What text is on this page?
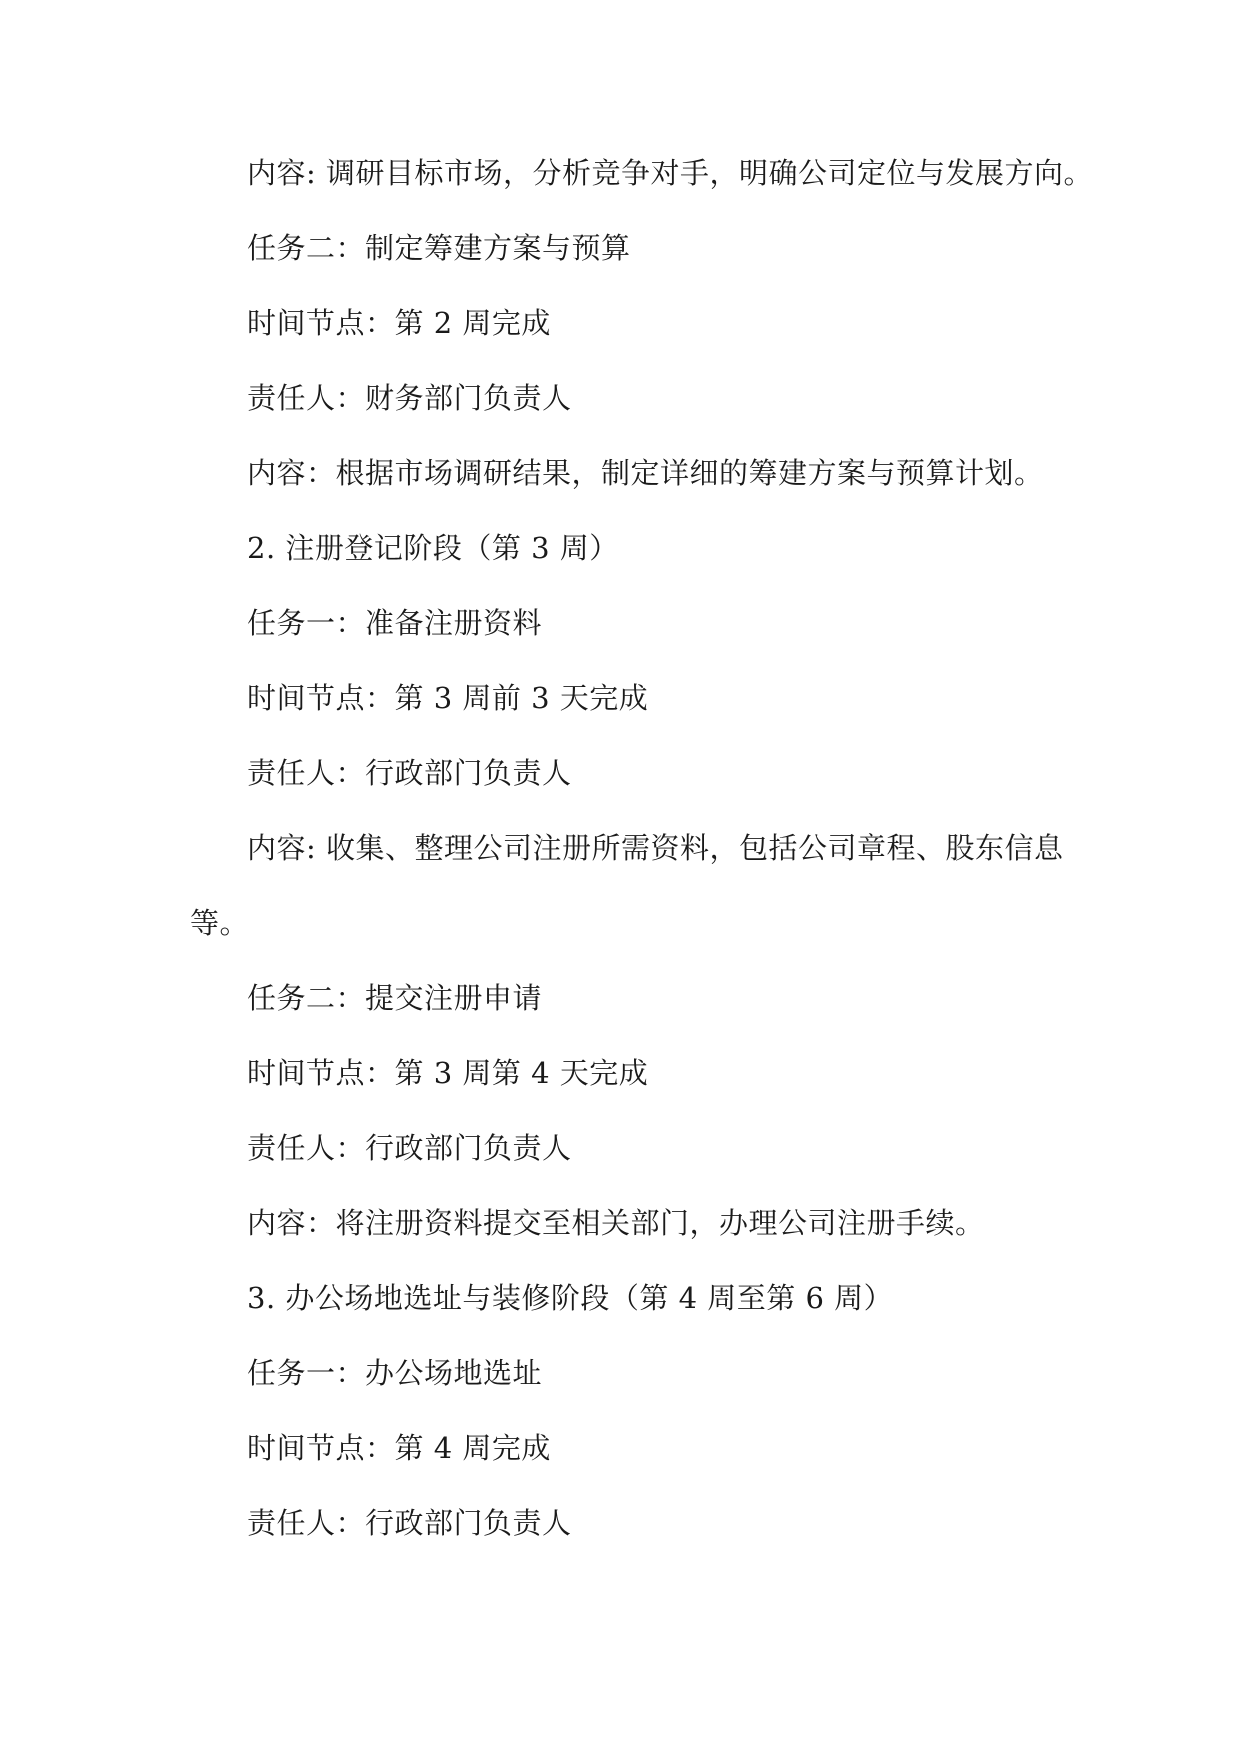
内容: 调研目标市场，分析竞争对手，明确公司定位与发展方向。
任务二：制定筹建方案与预算
时间节点：第 2 周完成
责任人：财务部门负责人
内容：根据市场调研结果，制定详细的筹建方案与预算计划。
2. 注册登记阶段（第 3 周）
任务一：准备注册资料
时间节点：第 3 周前 3 天完成
责任人：行政部门负责人
内容: 收集、整理公司注册所需资料，包括公司章程、股东信息
等。
任务二：提交注册申请
时间节点：第 3 周第 4 天完成
责任人：行政部门负责人
内容：将注册资料提交至相关部门，办理公司注册手续。
3. 办公场地选址与装修阶段（第 4 周至第 6 周）
任务一：办公场地选址
时间节点：第 4 周完成
责任人：行政部门负责人
